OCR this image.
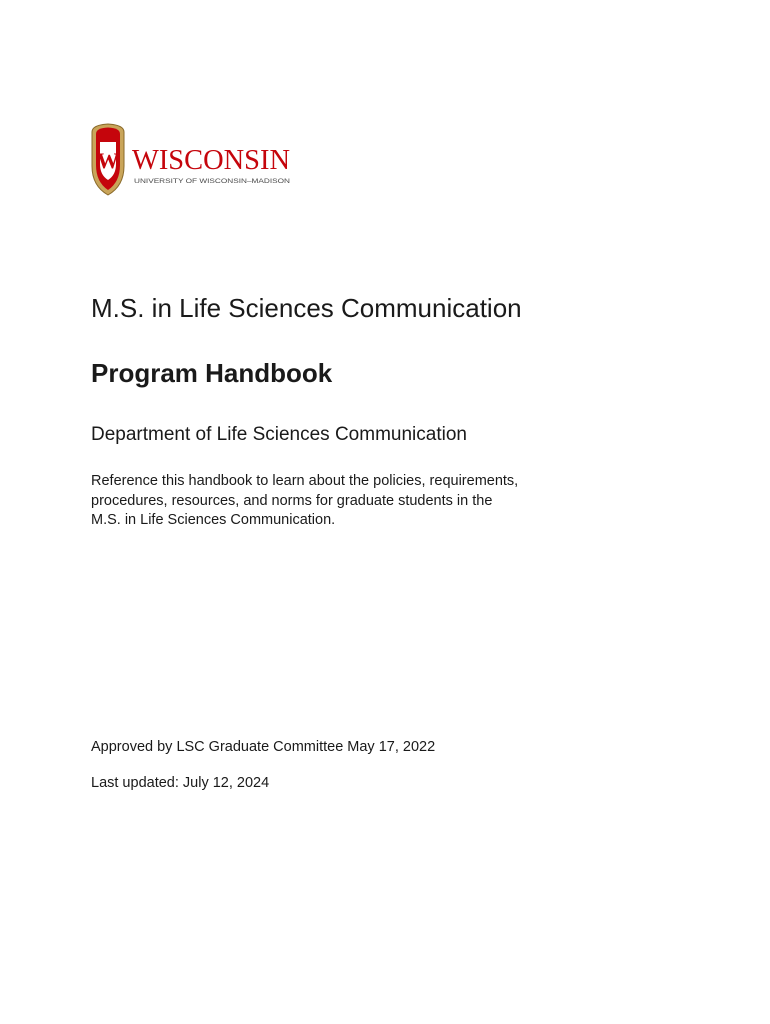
W WISCONSIN
UNIVERSITY OF WISCONSIN–MADISON
M.S. in Life Sciences Communication
Program Handbook

Department of Life Sciences Communication

Reference this handbook to learn about the policies, requirements,
procedures, resources, and norms for graduate students in the
M.S. in Life Sciences Communication.

Approved by LSC Graduate Committee May 17, 2022

Last updated: July 12, 2024
